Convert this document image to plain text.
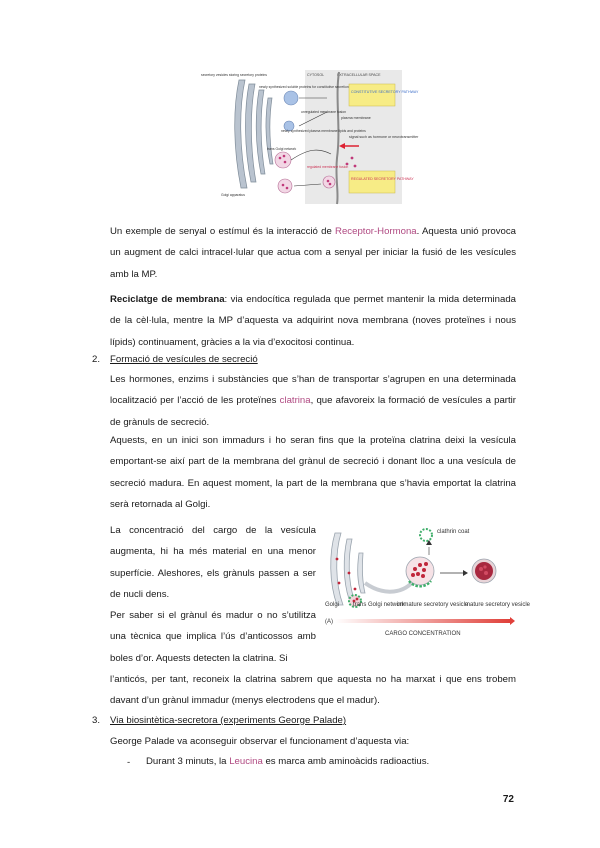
CYTOSOL	EXTRACELLULAR SPACE
CONSTITUTIVE SECRETORY PATHWAY
REGULATED SECRETORY PATHWAY
signal such as hormone or neurotransmitter
plasma membrane
secretory vesicles storing secretory proteins
newly synthesized soluble proteins for constitutive secretion
unregulated membrane fusion
newly synthesized plasma membrane lipids and proteins
trans Golgi network
regulated membrane fusion
Golgi apparatus

Un exemple de senyal o estímul és la interacció de Receptor-Hormona. Aquesta unió provoca un augment de calci intracel·lular que actua com a senyal per iniciar la fusió de les vesícules amb la MP.

Reciclatge de membrana: via endocítica regulada que permet mantenir la mida determinada de la cèl·lula, mentre la MP d’aquesta va adquirint nova membrana (noves proteïnes i nous lípids) continuament, gràcies a la via d’exocitosi continua.

2. Formació de vesícules de secreció

Les hormones, enzims i substàncies que s’han de transportar s’agrupen en una determinada localització per l’acció de les proteïnes clatrina, que afavoreix la formació de vesícules a partir de grànuls de secreció.

Aquests, en un inici son immadurs i ho seran fins que la proteïna clatrina deixi la vesícula emportant-se així part de la membrana del grànul de secreció i donant lloc a una vesícula de secreció madura. En aquest moment, la part de la membrana que s’havia emportat la clatrina serà retornada al Golgi.

La concentració del cargo de la vesícula augmenta, hi ha més material en una menor superfície. Aleshores, els grànuls passen a ser de nucli dens.

Per saber si el grànul és madur o no s’utilitza una tècnica que implica l’ús d’anticossos amb boles d’or. Aquests detecten la clatrina. Si

l’anticós, per tant, reconeix la clatrina sabrem que aquesta no ha marxat i que ens trobem davant d’un grànul immadur (menys electrodens que el madur).

clathrin coat
Golgi trans Golgi network
immature secretory vesicle
mature secretory vesicle
(A)
CARGO CONCENTRATION
3. Via biosintètica-secretora (experiments George Palade)

George Palade va aconseguir observar el funcionament d’aquesta via:

- Durant 3 minuts, la Leucina es marca amb aminoàcids radioactius.

72
